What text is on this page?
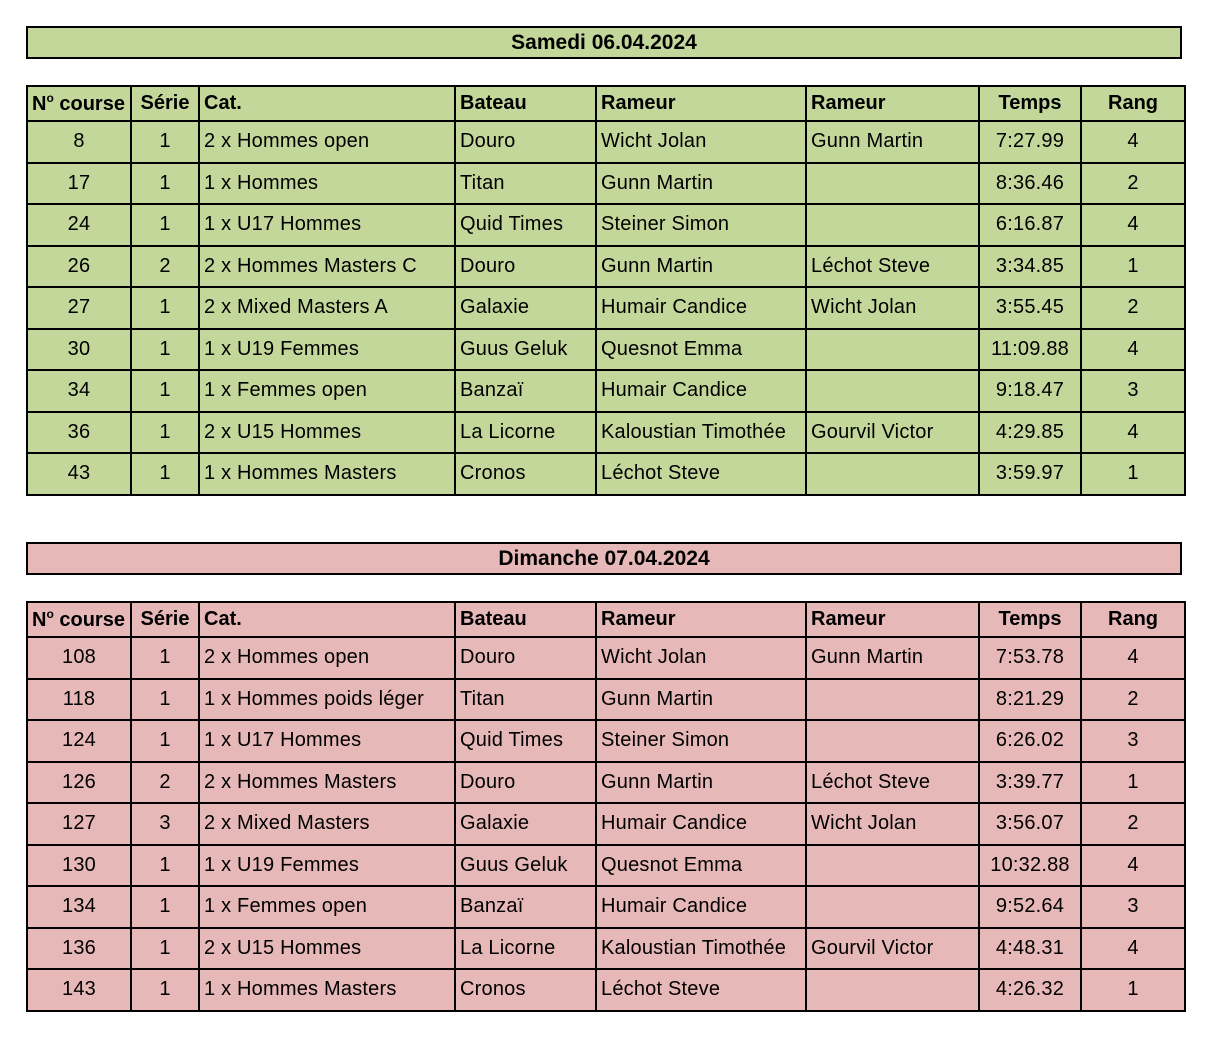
Samedi 06.04.2024
$N^o$ course	Série	Cat.	Bateau	Rameur	Rameur	Temps	Rang
8	1	2 x Hommes open	Douro	Wicht Jolan	Gunn Martin	7:27.99	4
17	1	1 x Hommes	Titan	Gunn Martin		8:36.46	2
24	1	1 x U17 Hommes	Quid Times	Steiner Simon		6:16.87	4
26	2	2 x Hommes Masters C	Douro	Gunn Martin	Léchot Steve	3:34.85	1
27	1	2 x Mixed Masters A	Galaxie	Humair Candice	Wicht Jolan	3:55.45	2
30	1	1 x U19 Femmes	Guus Geluk	Quesnot Emma		11:09.88	4
34	1	1 x Femmes open	Banzaï	Humair Candice		9:18.47	3
36	1	2 x U15 Hommes	La Licorne	Kaloustian Timothée	Gourvil Victor	4:29.85	4
43	1	1 x Hommes Masters	Cronos	Léchot Steve		3:59.97	1
Dimanche 07.04.2024
$N^o$ course	Série	Cat.	Bateau	Rameur	Rameur	Temps	Rang
108	1	2 x Hommes open	Douro	Wicht Jolan	Gunn Martin	7:53.78	4
118	1	1 x Hommes poids léger	Titan	Gunn Martin		8:21.29	2
124	1	1 x U17 Hommes	Quid Times	Steiner Simon		6:26.02	3
126	2	2 x Hommes Masters	Douro	Gunn Martin	Léchot Steve	3:39.77	1
127	3	2 x Mixed Masters	Galaxie	Humair Candice	Wicht Jolan	3:56.07	2
130	1	1 x U19 Femmes	Guus Geluk	Quesnot Emma		10:32.88	4
134	1	1 x Femmes open	Banzaï	Humair Candice		9:52.64	3
136	1	2 x U15 Hommes	La Licorne	Kaloustian Timothée	Gourvil Victor	4:48.31	4
143	1	1 x Hommes Masters	Cronos	Léchot Steve		4:26.32	1
